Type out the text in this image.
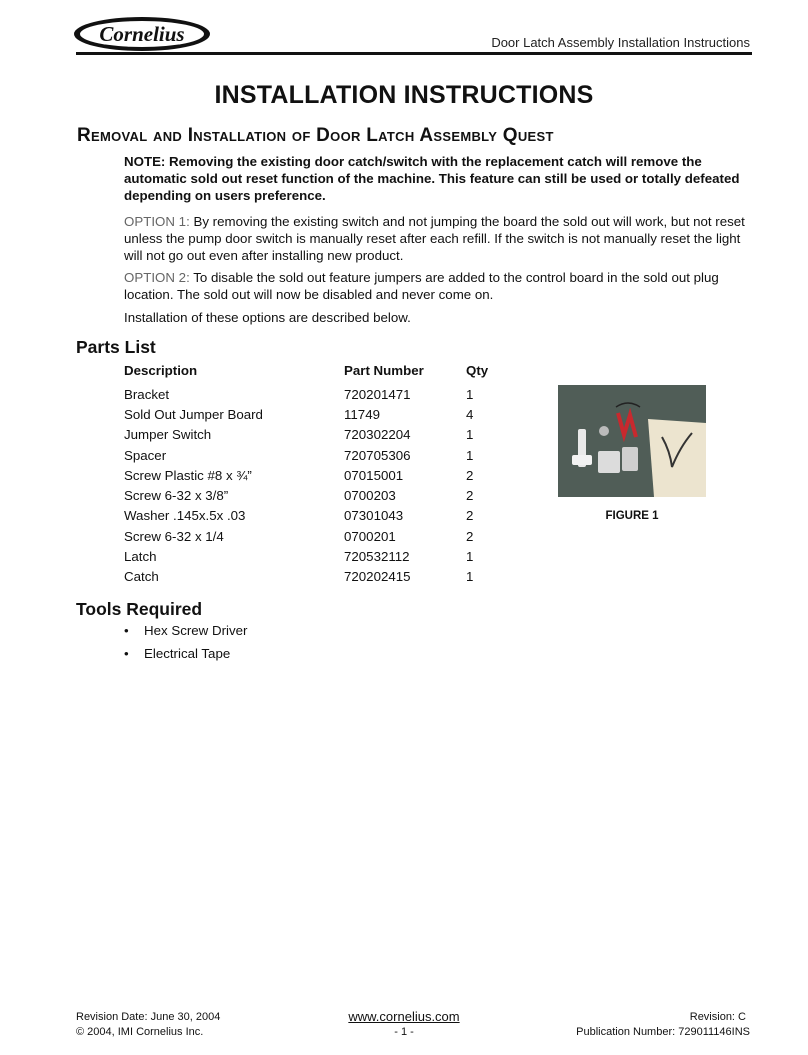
Cornelius	Door Latch Assembly Installation Instructions
INSTALLATION INSTRUCTIONS
Removal and Installation of Door Latch Assembly Quest
NOTE: Removing the existing door catch/switch with the replacement catch will remove the automatic sold out reset function of the machine. This feature can still be used or totally defeated depending on users preference.
OPTION 1: By removing the existing switch and not jumping the board the sold out will work, but not reset unless the pump door switch is manually reset after each refill. If the switch is not manually reset the light will not go out even after installing new product.
OPTION 2: To disable the sold out feature jumpers are added to the control board in the sold out plug location. The sold out will now be disabled and never come on.
Installation of these options are described below.
Parts List
Description	Part Number	Qty
Bracket	720201471	1
Sold Out Jumper Board	11749	4
Jumper Switch	720302204	1
Spacer	720705306	1
Screw Plastic #8 x ¾”	07015001	2
Screw 6-32 x 3/8”	0700203	2
Washer .145x.5x .03	07301043	2
Screw 6-32 x 1/4	0700201	2
Latch	720532112	1
Catch	720202415	1
FIGURE 1
Tools Required
• Hex Screw Driver
• Electrical Tape
Revision Date: June 30, 2004
© 2004, IMI Cornelius Inc.
www.cornelius.com
- 1 -
Revision: C
Publication Number: 729011146INS
